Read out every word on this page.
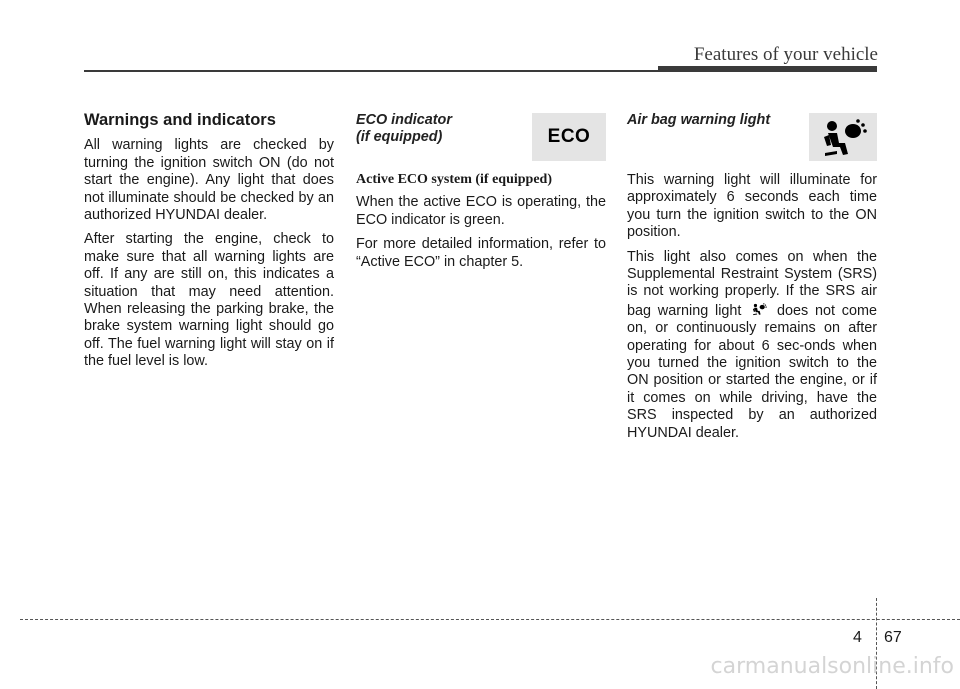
Features of your vehicle
Warnings and indicators

All warning lights are checked by turning the ignition switch ON (do not start the engine). Any light that does not illuminate should be checked by an authorized HYUNDAI dealer.

After starting the engine, check to make sure that all warning lights are off. If any are still on, this indicates a situation that may need attention. When releasing the parking brake, the brake system warning light should go off. The fuel warning light will stay on if the fuel level is low.

ECO
ECO indicator
(if equipped)
Active ECO system (if equipped)

When the active ECO is operating, the ECO indicator is green.

For more detailed information, refer to “Active ECO” in chapter 5.

Air bag warning light

This warning light will illuminate for approximately 6 seconds each time you turn the ignition switch to the ON position.

This light also comes on when the Supplemental Restraint System (SRS) is not working properly. If the SRS air bag warning light does not come on, or continuously remains on after operating for about 6 sec-onds when you turned the ignition switch to the ON position or started the engine, or if it comes on while driving, have the SRS inspected by an authorized HYUNDAI dealer.

4 67
carmanualsonline.info
